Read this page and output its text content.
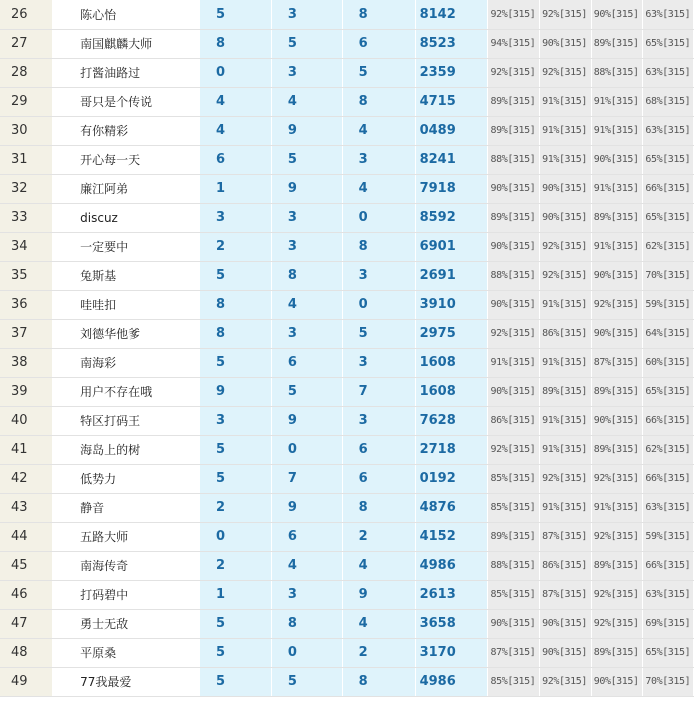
26	陈心怡	5	3	8	8142	92%[315]	92%[315]	90%[315]	63%[315]
27	南国麒麟大师	8	5	6	8523	94%[315]	90%[315]	89%[315]	65%[315]
28	打酱油路过	0	3	5	2359	92%[315]	92%[315]	88%[315]	63%[315]
29	哥只是个传说	4	4	8	4715	89%[315]	91%[315]	91%[315]	68%[315]
30	有你精彩	4	9	4	0489	89%[315]	91%[315]	91%[315]	63%[315]
31	开心每一天	6	5	3	8241	88%[315]	91%[315]	90%[315]	65%[315]
32	廉江阿弟	1	9	4	7918	90%[315]	90%[315]	91%[315]	66%[315]
33	discuz	3	3	0	8592	89%[315]	90%[315]	89%[315]	65%[315]
34	一定要中	2	3	8	6901	90%[315]	92%[315]	91%[315]	62%[315]
35	兔斯基	5	8	3	2691	88%[315]	92%[315]	90%[315]	70%[315]
36	哇哇扣	8	4	0	3910	90%[315]	91%[315]	92%[315]	59%[315]
37	刘德华他爹	8	3	5	2975	92%[315]	86%[315]	90%[315]	64%[315]
38	南海彩	5	6	3	1608	91%[315]	91%[315]	87%[315]	60%[315]
39	用户不存在哦	9	5	7	1608	90%[315]	89%[315]	89%[315]	65%[315]
40	特区打码王	3	9	3	7628	86%[315]	91%[315]	90%[315]	66%[315]
41	海岛上的树	5	0	6	2718	92%[315]	91%[315]	89%[315]	62%[315]
42	低势力	5	7	6	0192	85%[315]	92%[315]	92%[315]	66%[315]
43	静音	2	9	8	4876	85%[315]	91%[315]	91%[315]	63%[315]
44	五路大师	0	6	2	4152	89%[315]	87%[315]	92%[315]	59%[315]
45	南海传奇	2	4	4	4986	88%[315]	86%[315]	89%[315]	66%[315]
46	打码碧中	1	3	9	2613	85%[315]	87%[315]	92%[315]	63%[315]
47	勇士无敌	5	8	4	3658	90%[315]	90%[315]	92%[315]	69%[315]
48	平原桑	5	0	2	3170	87%[315]	90%[315]	89%[315]	65%[315]
49	77我最爱	5	5	8	4986	85%[315]	92%[315]	90%[315]	70%[315]
